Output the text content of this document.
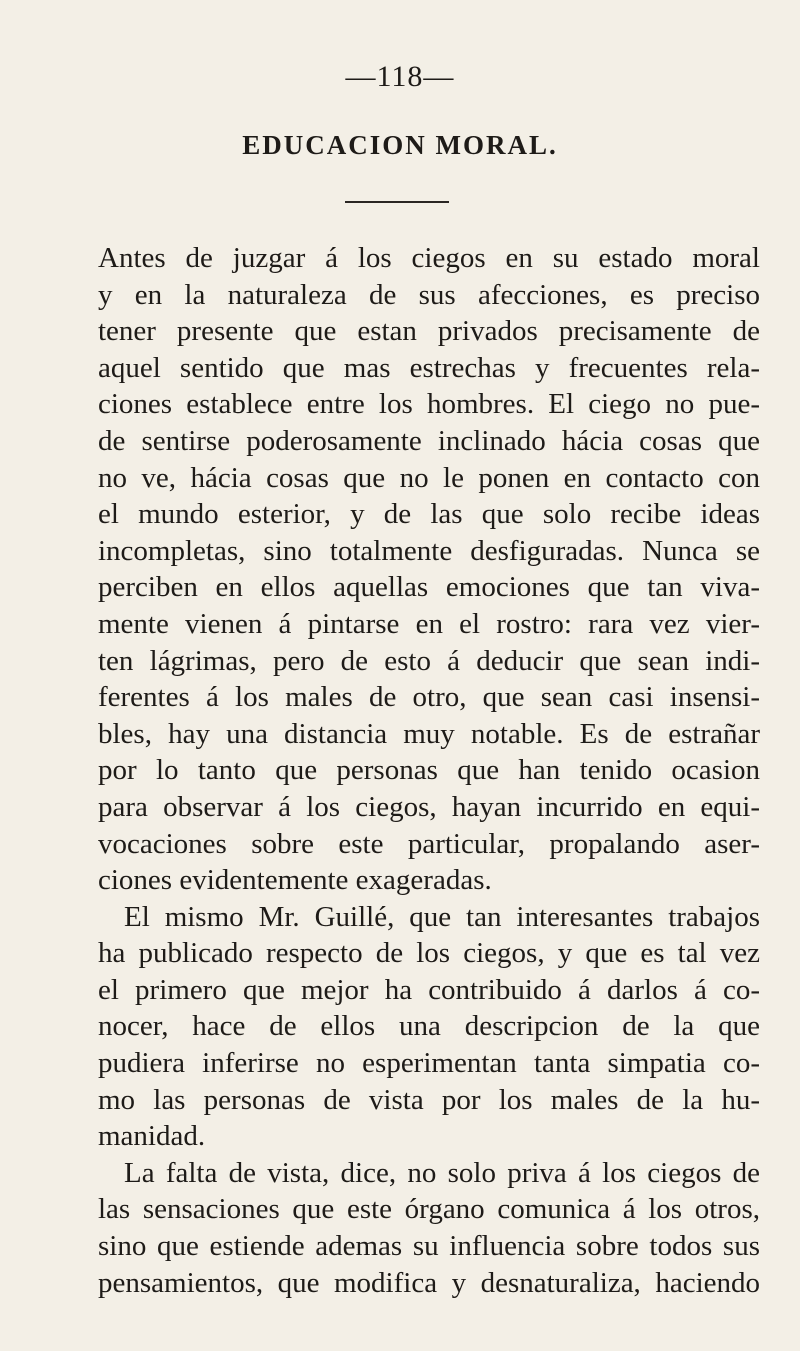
—118—
EDUCACION MORAL.
Antes de juzgar á los ciegos en su estado moral
y en la naturaleza de sus afecciones, es preciso
tener presente que estan privados precisamente de
aquel sentido que mas estrechas y frecuentes rela-
ciones establece entre los hombres. El ciego no pue-
de sentirse poderosamente inclinado hácia cosas que
no ve, hácia cosas que no le ponen en contacto con
el mundo esterior, y de las que solo recibe ideas
incompletas, sino totalmente desfiguradas. Nunca se
perciben en ellos aquellas emociones que tan viva-
mente vienen á pintarse en el rostro: rara vez vier-
ten lágrimas, pero de esto á deducir que sean indi-
ferentes á los males de otro, que sean casi insensi-
bles, hay una distancia muy notable. Es de estrañar
por lo tanto que personas que han tenido ocasion
para observar á los ciegos, hayan incurrido en equi-
vocaciones sobre este particular, propalando aser-
ciones evidentemente exageradas.
El mismo Mr. Guillé, que tan interesantes trabajos
ha publicado respecto de los ciegos, y que es tal vez
el primero que mejor ha contribuido á darlos á co-
nocer, hace de ellos una descripcion de la que
pudiera inferirse no esperimentan tanta simpatia co-
mo las personas de vista por los males de la hu-
manidad.
La falta de vista, dice, no solo priva á los ciegos de
las sensaciones que este órgano comunica á los otros,
sino que estiende ademas su influencia sobre todos sus
pensamientos, que modifica y desnaturaliza, haciendo
